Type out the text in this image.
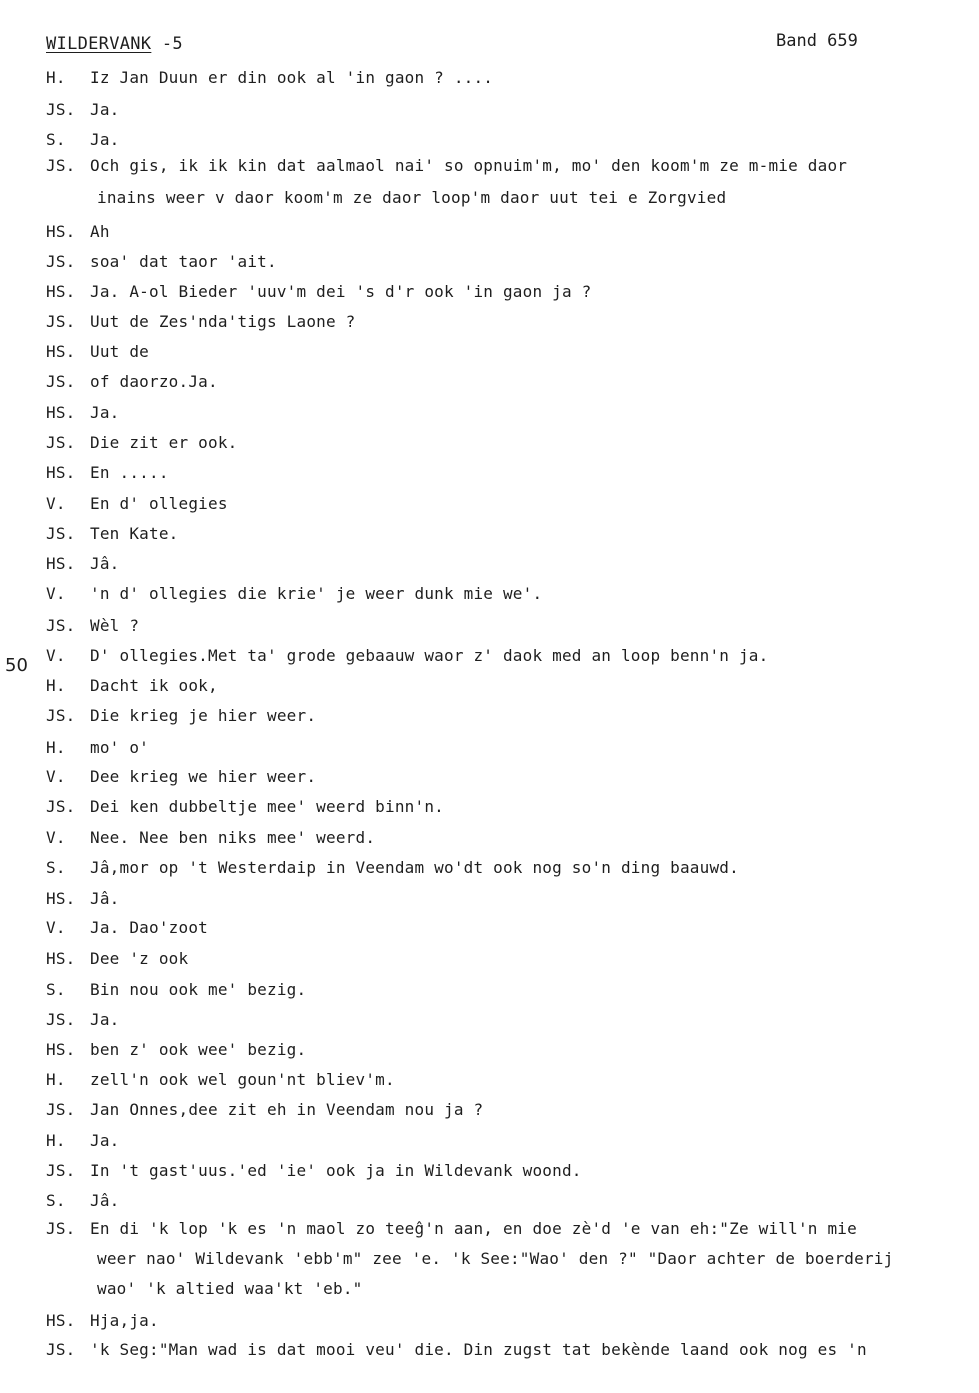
WILDERVANK -5	Band 659
50
H. Iz Jan Duun er din ook al 'in gaon ? ....
JS. Ja.
S. Ja.
JS. Och gis, ik ik kin dat aalmaol nai' so opnuim'm, mo' den koom'm ze m-mie daor
inains weer v daor koom'm ze daor loop'm daor uut tei e Zorgvied
HS. Ah
JS. soa' dat taor 'ait.
HS. Ja. A-ol Bieder 'uuv'm dei 's d'r ook 'in gaon ja ?
JS. Uut de Zes'nda'tigs Laone ?
HS. Uut de
JS. of daorzo.Ja.
HS. Ja.
JS. Die zit er ook.
HS. En .....
V. En d' ollegies
JS. Ten Kate.
HS. Jâ.
V. 'n d' ollegies die krie' je weer dunk mie we'.
JS. Wèl ?
V. D' ollegies.Met ta' grode gebaauw waor z' daok med an loop benn'n ja.
H. Dacht ik ook,
JS. Die krieg je hier weer.
H. mo' o'
V. Dee krieg we hier weer.
JS. Dei ken dubbeltje mee' weerd binn'n.
V. Nee. Nee ben niks mee' weerd.
S. Jâ,mor op 't Westerdaip in Veendam wo'dt ook nog so'n ding baauwd.
HS. Jâ.
V. Ja. Dao'zoot
HS. Dee 'z ook
S. Bin nou ook me' bezig.
JS. Ja.
HS. ben z' ook wee' bezig.
H. zell'n ook wel goun'nt bliev'm.
JS. Jan Onnes,dee zit eh in Veendam nou ja ?
H. Ja.
JS. In 't gast'uus.'ed 'ie' ook ja in Wildevank woond.
S. Jâ.
JS. En di 'k lop 'k es 'n maol zo teeĝ'n aan, en doe zè'd 'e van eh:"Ze will'n mie
weer nao' Wildevank 'ebb'm" zee 'e. 'k See:"Wao' den ?" "Daor achter de boerderij
wao' 'k altied waa'kt 'eb."
HS. Hja,ja.
JS. 'k Seg:"Man wad is dat mooi veu' die. Din zugst tat bekènde laand ook nog es 'n
